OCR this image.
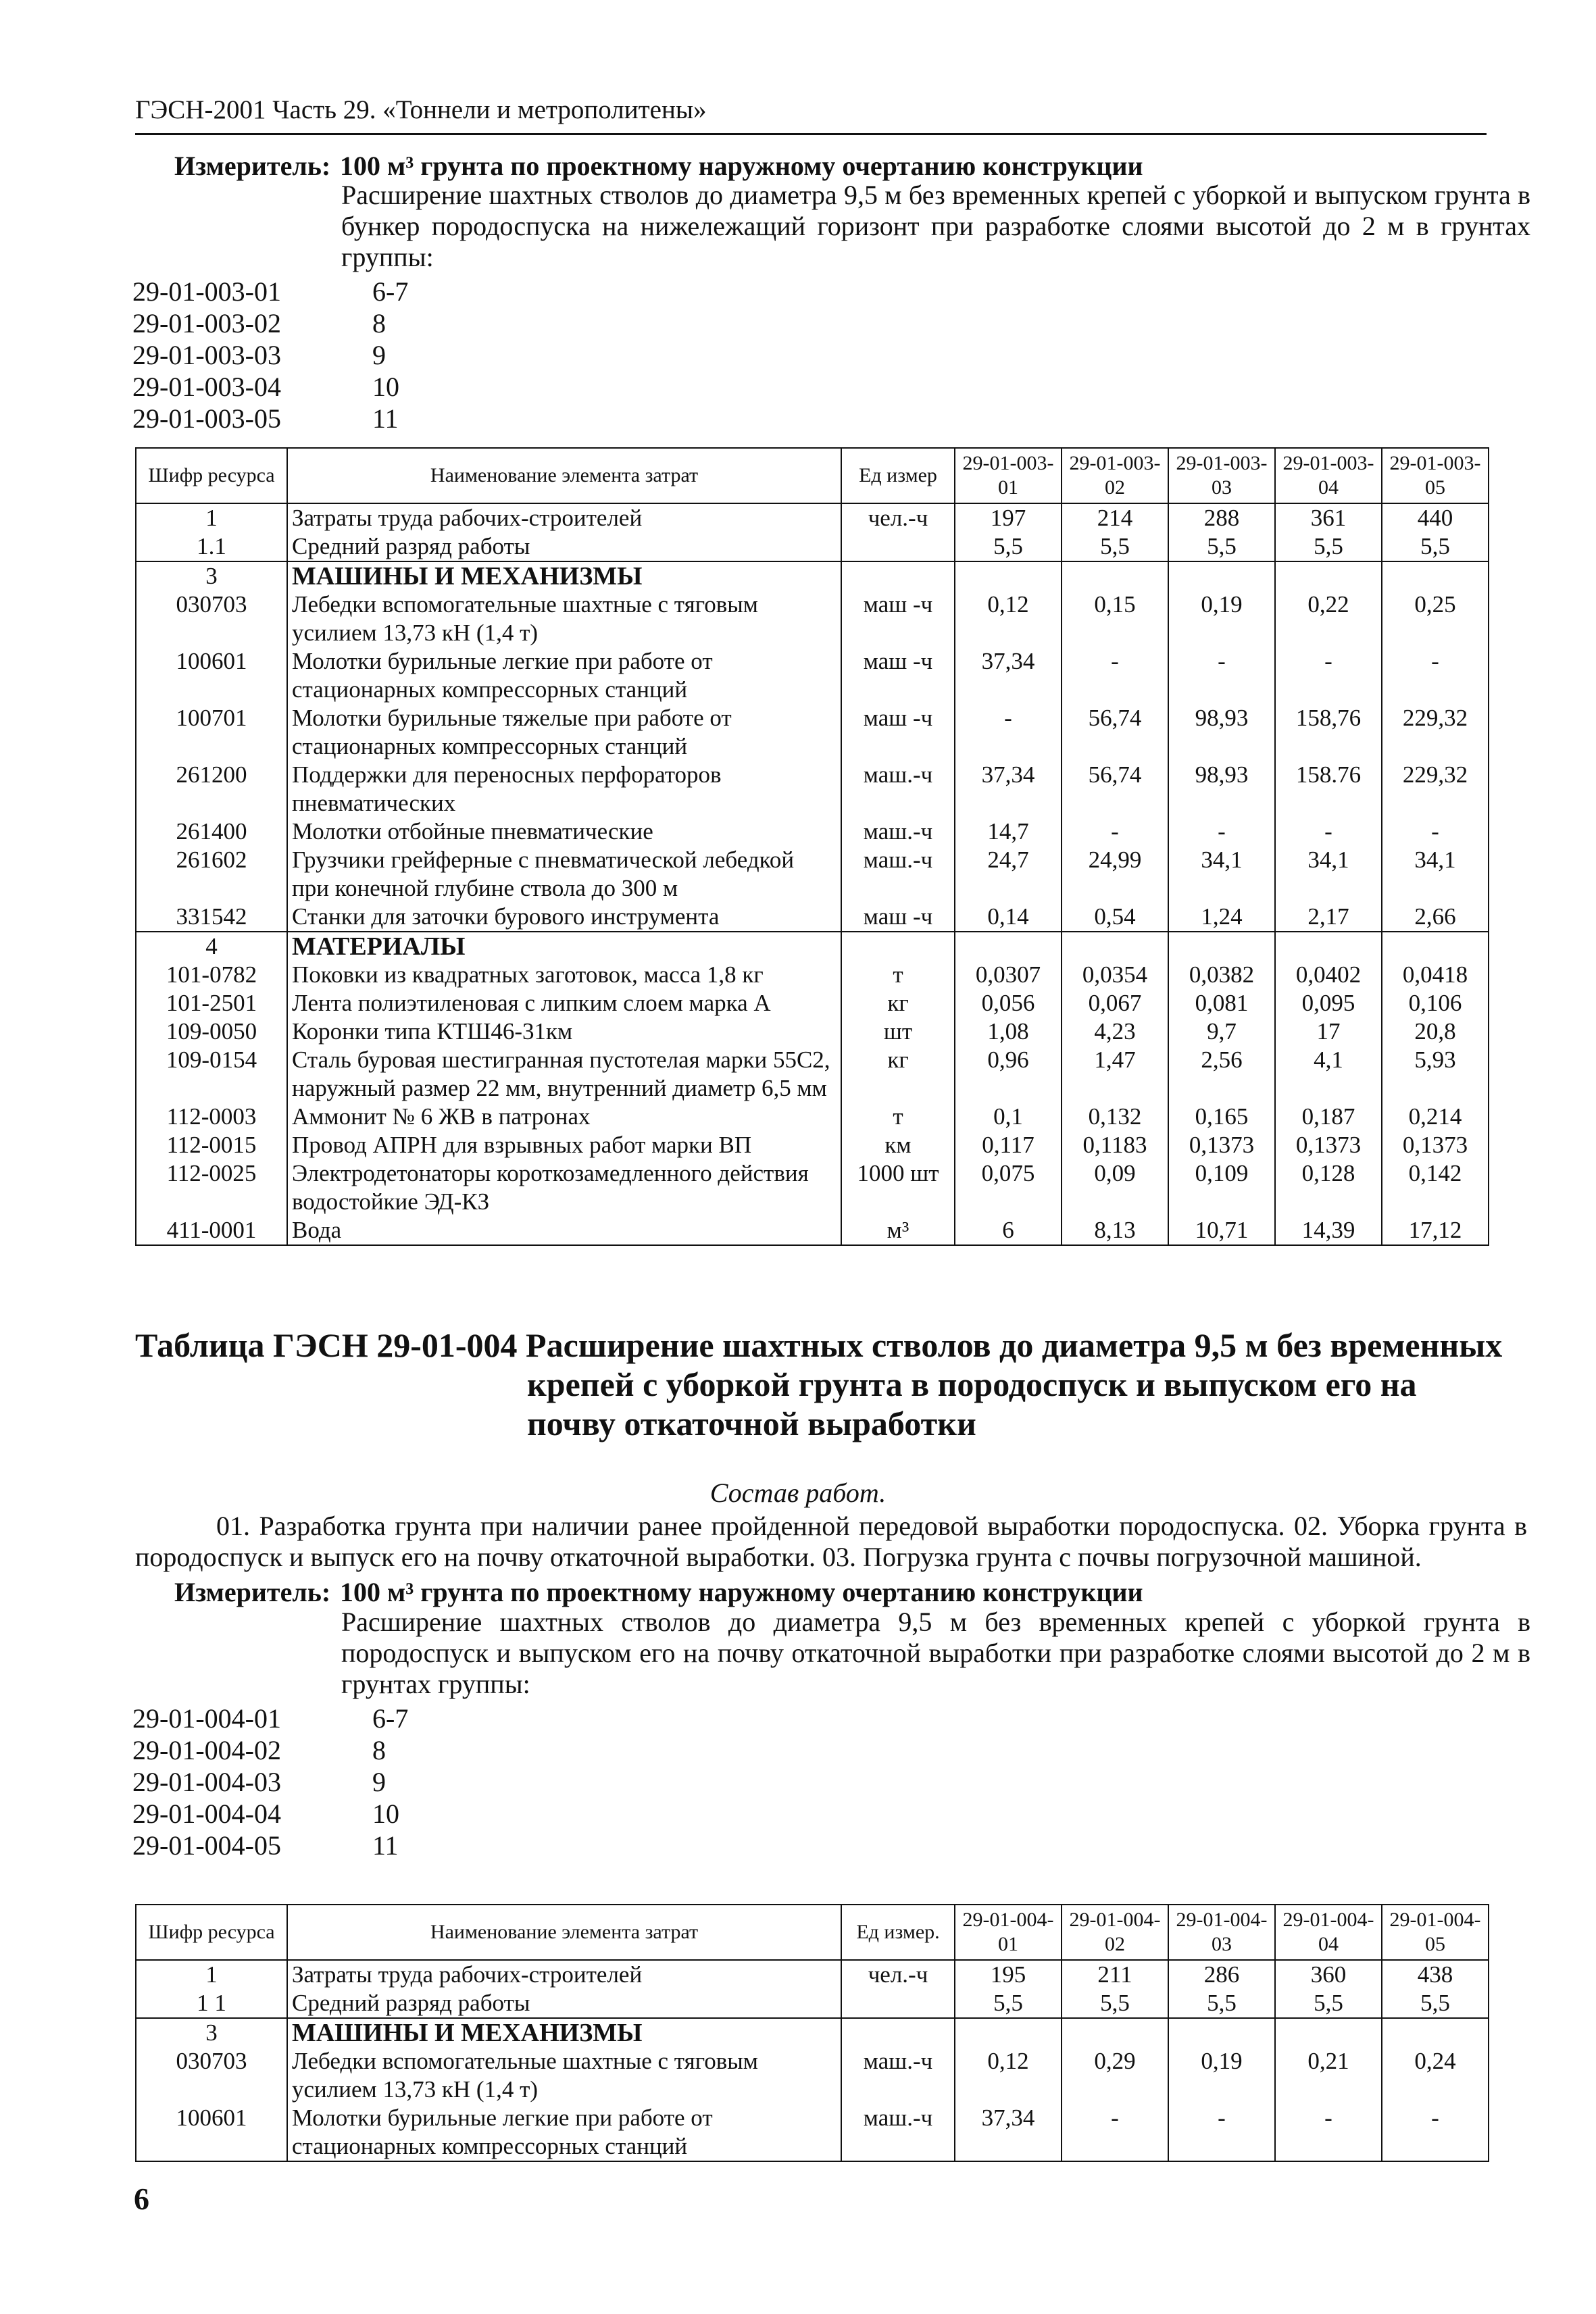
ГЭСН-2001 Часть 29. «Тоннели и метрополитены»
Измеритель: 100 м³ грунта по проектному наружному очертанию конструкции
Расширение шахтных стволов до диаметра 9,5 м без временных крепей с уборкой и выпуском грунта в бункер породоспуска на нижележащий горизонт при разработке слоями высотой до 2 м в грунтах группы:
29-01-003-01	6-7
29-01-003-02	8
29-01-003-03	9
29-01-003-04	10
29-01-003-05	11
Шифр ресурса	Наименование элемента затрат	Ед измер	29-01-003-01	29-01-003-02	29-01-003-03	29-01-003-04	29-01-003-05
1	Затраты труда рабочих-строителей	чел.-ч	197	214	288	361	440
1.1	Средний разряд работы		5,5	5,5	5,5	5,5	5,5
3	МАШИНЫ И МЕХАНИЗМЫ						
030703	Лебедки вспомогательные шахтные с тяговым усилием 13,73 кН (1,4 т)	маш -ч	0,12	0,15	0,19	0,22	0,25
100601	Молотки бурильные легкие при работе от стационарных компрессорных станций	маш -ч	37,34	-	-	-	-
100701	Молотки бурильные тяжелые при работе от стационарных компрессорных станций	маш -ч	-	56,74	98,93	158,76	229,32
261200	Поддержки для переносных перфораторов пневматических	маш.-ч	37,34	56,74	98,93	158.76	229,32
261400	Молотки отбойные пневматические	маш.-ч	14,7	-	-	-	-
261602	Грузчики грейферные с пневматической лебедкой при конечной глубине ствола до 300 м	маш.-ч	24,7	24,99	34,1	34,1	34,1
331542	Станки для заточки бурового инструмента	маш -ч	0,14	0,54	1,24	2,17	2,66
4	МАТЕРИАЛЫ						
101-0782	Поковки из квадратных заготовок, масса 1,8 кг	т	0,0307	0,0354	0,0382	0,0402	0,0418
101-2501	Лента полиэтиленовая с липким слоем марка А	кг	0,056	0,067	0,081	0,095	0,106
109-0050	Коронки типа КТШ46-31км	шт	1,08	4,23	9,7	17	20,8
109-0154	Сталь буровая шестигранная пустотелая марки 55С2, наружный размер 22 мм, внутренний диаметр 6,5 мм	кг	0,96	1,47	2,56	4,1	5,93
112-0003	Аммонит № 6 ЖВ в патронах	т	0,1	0,132	0,165	0,187	0,214
112-0015	Провод АПРН для взрывных работ марки ВП	км	0,117	0,1183	0,1373	0,1373	0,1373
112-0025	Электродетонаторы короткозамедленного действия водостойкие ЭД-КЗ	1000 шт	0,075	0,09	0,109	0,128	0,142
411-0001	Вода	м³	6	8,13	10,71	14,39	17,12
Таблица ГЭСН 29-01-004 Расширение шахтных стволов до диаметра 9,5 м без временных
крепей с уборкой грунта в породоспуск и выпуском его на почву откаточной выработки
Состав работ.
01. Разработка грунта при наличии ранее пройденной передовой выработки породоспуска. 02. Уборка грунта в породоспуск и выпуск его на почву откаточной выработки. 03. Погрузка грунта с почвы погрузочной машиной.
Измеритель: 100 м³ грунта по проектному наружному очертанию конструкции
Расширение шахтных стволов до диаметра 9,5 м без временных крепей с уборкой грунта в породоспуск и выпуском его на почву откаточной выработки при разработке слоями высотой до 2 м в грунтах группы:
29-01-004-01	6-7
29-01-004-02	8
29-01-004-03	9
29-01-004-04	10
29-01-004-05	11
Шифр ресурса	Наименование элемента затрат	Ед измер.	29-01-004-01	29-01-004-02	29-01-004-03	29-01-004-04	29-01-004-05
1	Затраты труда рабочих-строителей	чел.-ч	195	211	286	360	438
1 1	Средний разряд работы		5,5	5,5	5,5	5,5	5,5
3	МАШИНЫ И МЕХАНИЗМЫ						
030703	Лебедки вспомогательные шахтные с тяговым усилием 13,73 кН (1,4 т)	маш.-ч	0,12	0,29	0,19	0,21	0,24
100601	Молотки бурильные легкие при работе от стационарных компрессорных станций	маш.-ч	37,34	-	-	-	-
6
